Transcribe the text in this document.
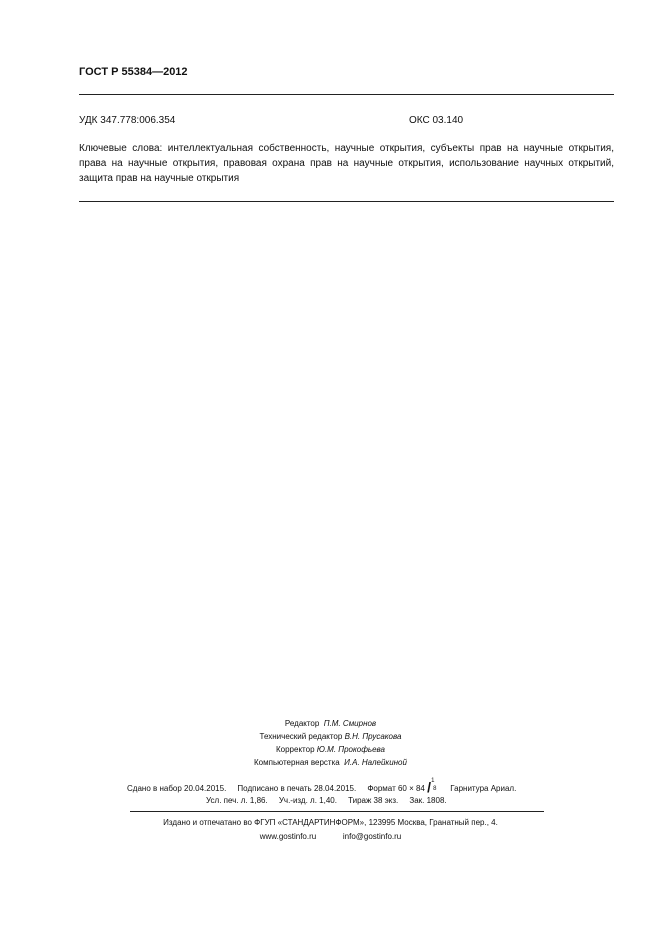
ГОСТ Р 55384—2012
УДК 347.778:006.354	ОКС 03.140
Ключевые слова: интеллектуальная собственность, научные открытия, субъекты прав на научные открытия, права на научные открытия, правовая охрана прав на научные открытия, использование научных открытий, защита прав на научные открытия
Редактор П.М. Смирнов
Технический редактор В.Н. Прусакова
Корректор Ю.М. Прокофьева
Компьютерная верстка И.А. Налейкиной
Сдано в набор 20.04.2015. Подписано в печать 28.04.2015. Формат 60 × 84
1
/ 8 Гарнитура Ариал.
Усл. печ. л. 1,86. Уч.-изд. л. 1,40. Тираж 38 экз. Зак. 1808.
Издано и отпечатано во ФГУП «СТАНДАРТИНФОРМ», 123995 Москва, Гранатный пер., 4.
www.gostinfo.ru	info@gostinfo.ru
